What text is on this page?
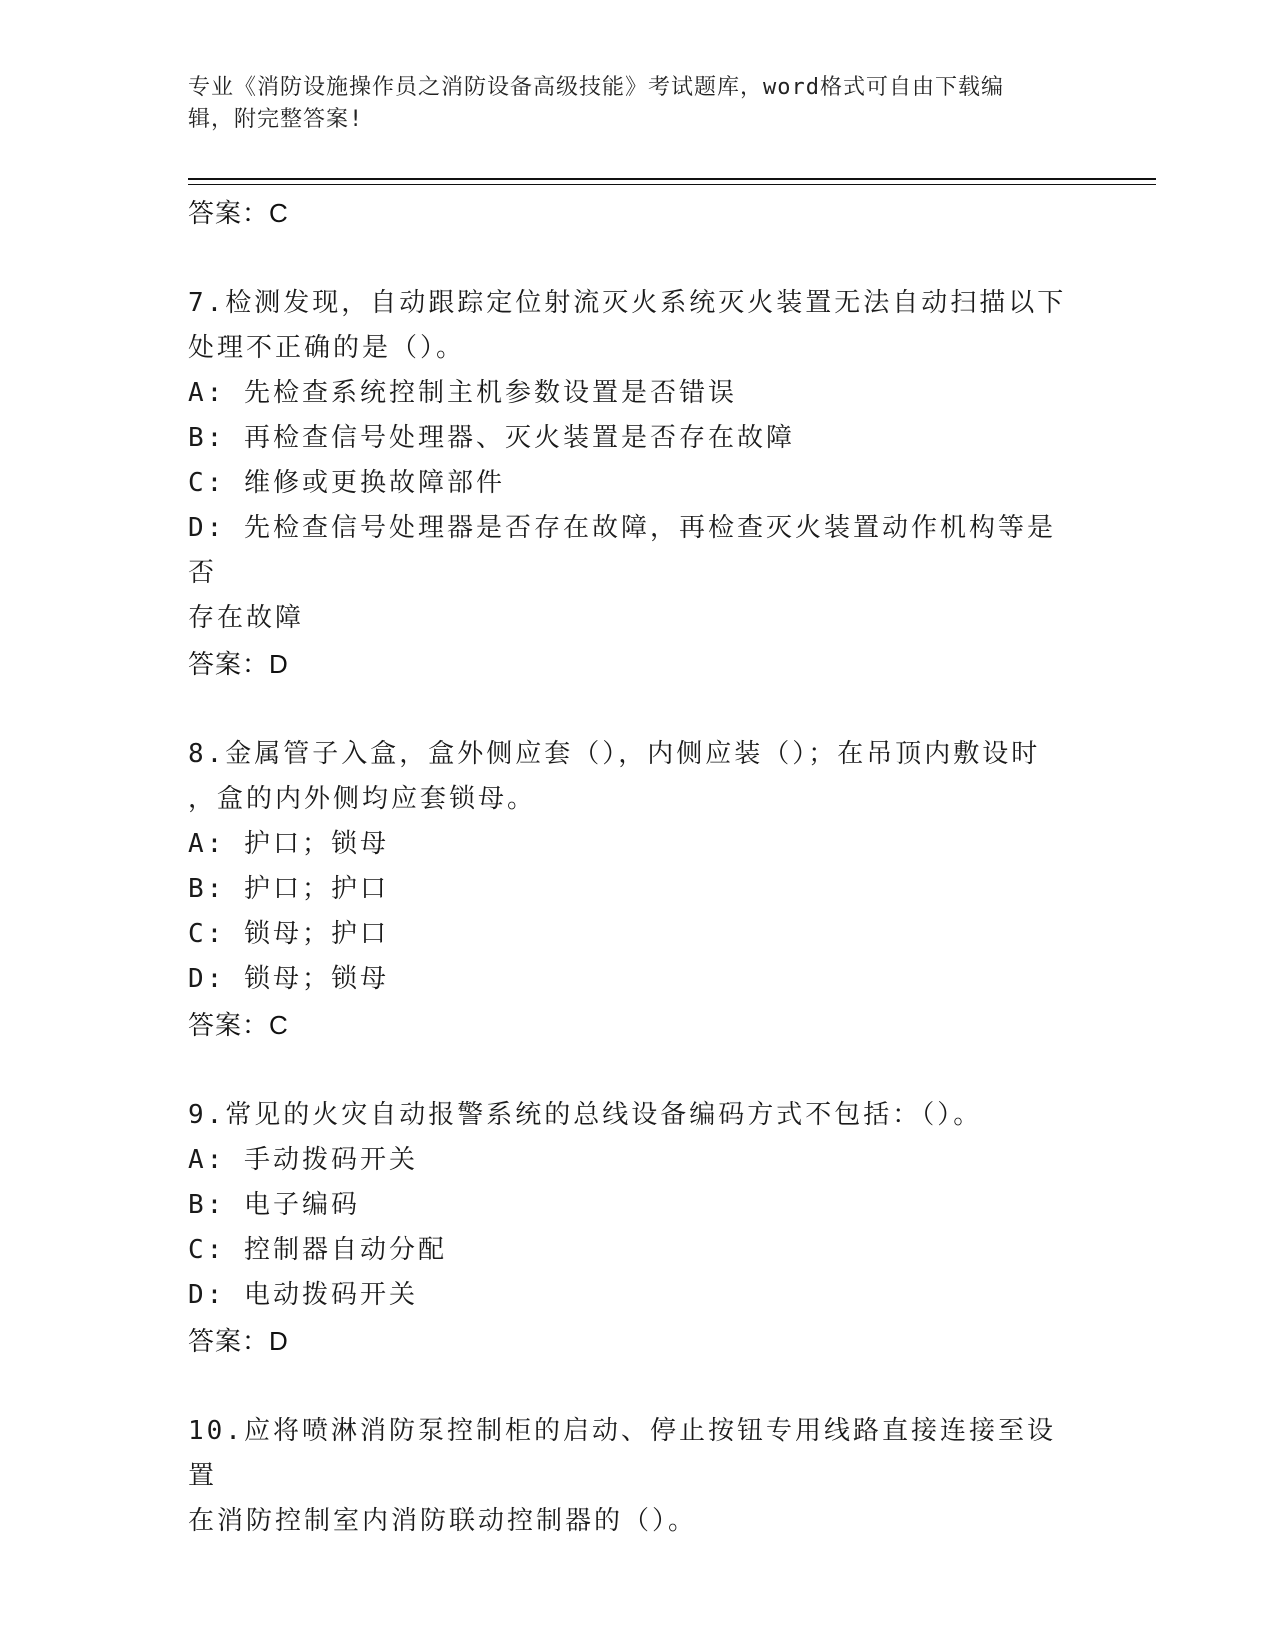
专业《消防设施操作员之消防设备高级技能》考试题库，word格式可自由下载编
辑，附完整答案!
答案：C
7.检测发现，自动跟踪定位射流灭火系统灭火装置无法自动扫描以下
处理不正确的是（）。
A: 先检查系统控制主机参数设置是否错误
B: 再检查信号处理器、灭火装置是否存在故障
C: 维修或更换故障部件
D: 先检查信号处理器是否存在故障，再检查灭火装置动作机构等是否
存在故障
答案：D
8.金属管子入盒，盒外侧应套（），内侧应装（）；在吊顶内敷设时
，盒的内外侧均应套锁母。
A: 护口；锁母
B: 护口；护口
C: 锁母；护口
D: 锁母；锁母
答案：C
9.常见的火灾自动报警系统的总线设备编码方式不包括：（）。
A: 手动拨码开关
B: 电子编码
C: 控制器自动分配
D: 电动拨码开关
答案：D
10.应将喷淋消防泵控制柜的启动、停止按钮专用线路直接连接至设置
在消防控制室内消防联动控制器的（）。
